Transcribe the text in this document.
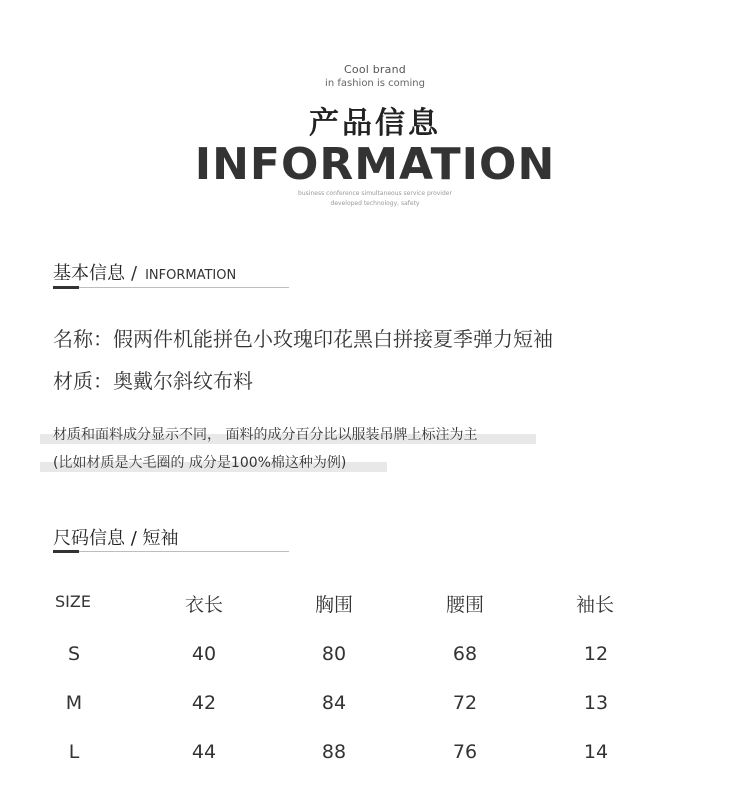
Cool brand
in fashion is coming
产品信息
INFORMATION
business conference simultaneous service provider
developed technology, safety
基本信息 / INFORMATION
名称：假两件机能拼色小玫瑰印花黑白拼接夏季弹力短袖
材质：奥戴尔斜纹布料
材质和面料成分显示不同， 面料的成分百分比以服装吊牌上标注为主
(比如材质是大毛圈的 成分是100%棉这种为例)
尺码信息 / 短袖
SIZE	衣长	胸围	腰围	袖长
S	40	80	68	12
M	42	84	72	13
L	44	88	76	14
